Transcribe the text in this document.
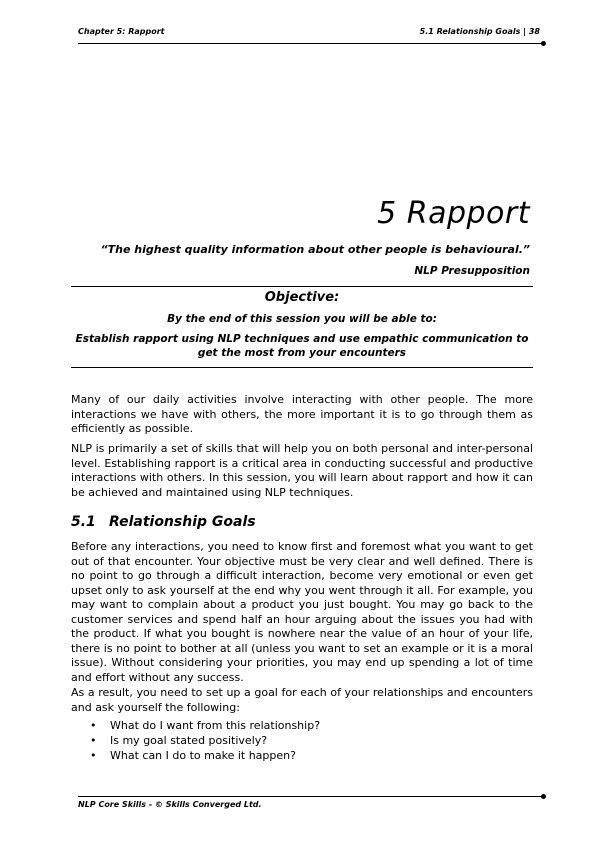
Chapter 5: Rapport	5.1 Relationship Goals | 38
5 Rapport
“The highest quality information about other people is behavioural.”
NLP Presupposition
Objective:
By the end of this session you will be able to:
Establish rapport using NLP techniques and use empathic communication to get the most from your encounters

Many of our daily activities involve interacting with other people. The more interactions we have with others, the more important it is to go through them as efficiently as possible.

NLP is primarily a set of skills that will help you on both personal and inter-personal level. Establishing rapport is a critical area in conducting successful and productive interactions with others. In this session, you will learn about rapport and how it can be achieved and maintained using NLP techniques.

5.1 Relationship Goals

Before any interactions, you need to know first and foremost what you want to get out of that encounter. Your objective must be very clear and well defined. There is no point to go through a difficult interaction, become very emotional or even get upset only to ask yourself at the end why you went through it all. For example, you may want to complain about a product you just bought. You may go back to the customer services and spend half an hour arguing about the issues you had with the product. If what you bought is nowhere near the value of an hour of your life, there is no point to bother at all (unless you want to set an example or it is a moral issue). Without considering your priorities, you may end up spending a lot of time and effort without any success.

As a result, you need to set up a goal for each of your relationships and encounters and ask yourself the following:

• What do I want from this relationship?
• Is my goal stated positively?
• What can I do to make it happen?
NLP Core Skills - © Skills Converged Ltd.
